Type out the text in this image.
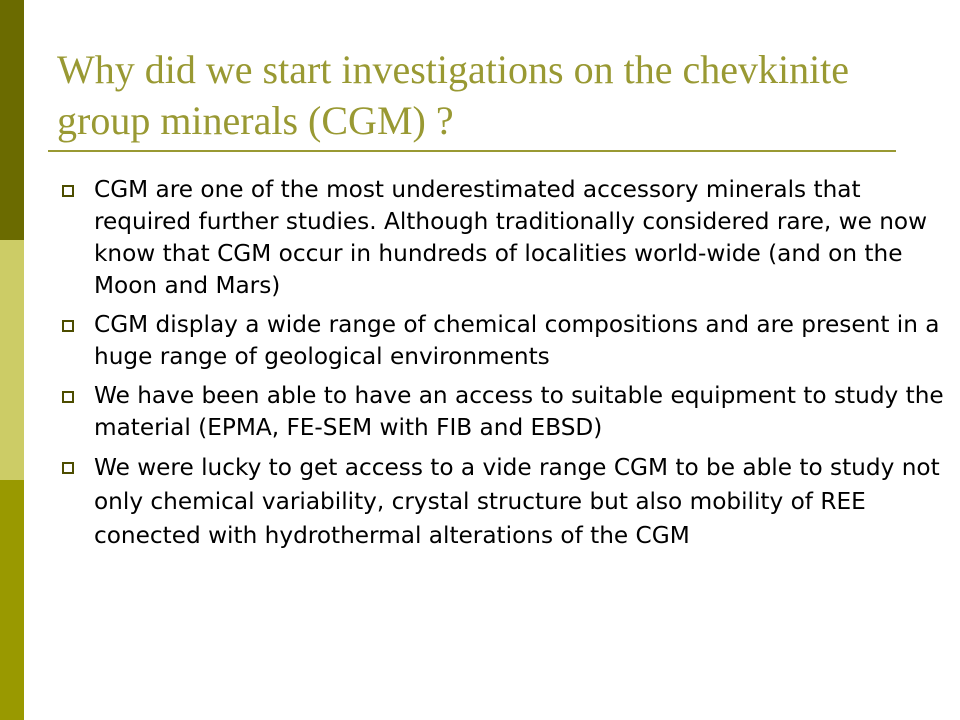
Why did we start investigations on the chevkinite group minerals (CGM) ?
CGM are one of the most underestimated accessory minerals that required further studies. Although traditionally considered rare, we now know that CGM occur in hundreds of localities world-wide (and on the Moon and Mars)
CGM display a wide range of chemical compositions and are present in a huge range of geological environments
We have been able to have an access to suitable equipment to study the material (EPMA, FE-SEM with FIB and EBSD)
We were lucky to get access to a vide range CGM to be able to study not only chemical variability, crystal structure but also mobility of REE conected with hydrothermal alterations of the CGM
